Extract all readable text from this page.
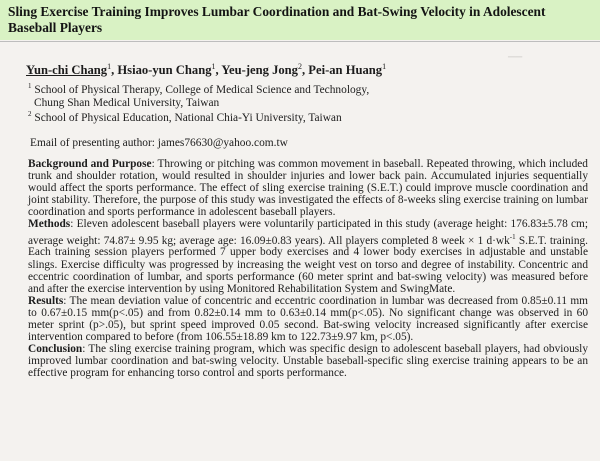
Sling Exercise Training Improves Lumbar Coordination and Bat-Swing Velocity in Adolescent Baseball Players
──
Yun-chi Chang$^1$, Hsiao-yun Chang$^1$, Yeu-jeng Jong$^2$, Pei-an Huang$^1$
$^1$ School of Physical Therapy, College of Medical Science and Technology,
Chung Shan Medical University, Taiwan
$^2$ School of Physical Education, National Chia-Yi University, Taiwan
Email of presenting author: james76630@yahoo.com.tw

Background and Purpose: Throwing or pitching was common movement in baseball. Repeated throwing, which included trunk and shoulder rotation, would resulted in shoulder injuries and lower back pain. Accumulated injuries sequentially would affect the sports performance. The effect of sling exercise training (S.E.T.) could improve muscle coordination and joint stability. Therefore, the purpose of this study was investigated the effects of 8-weeks sling exercise training on lumbar coordination and sports performance in adolescent baseball players.

Methods: Eleven adolescent baseball players were voluntarily participated in this study (average height: 176.83±5.78 cm; average weight: 74.87± 9.95 kg; average age: 16.09±0.83 years). All players completed 8 week × 1 $d\cdot wk^{-1}$ S.E.T. training. Each training session players performed 7 upper body exercises and 4 lower body exercises in adjustable and unstable slings. Exercise difficulty was progressed by increasing the weight vest on torso and degree of instability. Concentric and eccentric coordination of lumbar, and sports performance (60 meter sprint and bat-swing velocity) was measured before and after the exercise intervention by using Monitored Rehabilitation System and SwingMate.

Results: The mean deviation value of concentric and eccentric coordination in lumbar was decreased from 0.85±0.11 mm to 0.67±0.15 mm(p<.05) and from 0.82±0.14 mm to 0.63±0.14 mm(p<.05). No significant change was observed in 60 meter sprint (p>.05), but sprint speed improved 0.05 second. Bat-swing velocity increased significantly after exercise intervention compared to before (from 106.55±18.89 km to 122.73±9.97 km, p<.05).

Conclusion: The sling exercise training program, which was specific design to adolescent baseball players, had obviously improved lumbar coordination and bat-swing velocity. Unstable baseball-specific sling exercise training appears to be an effective program for enhancing torso control and sports performance.
